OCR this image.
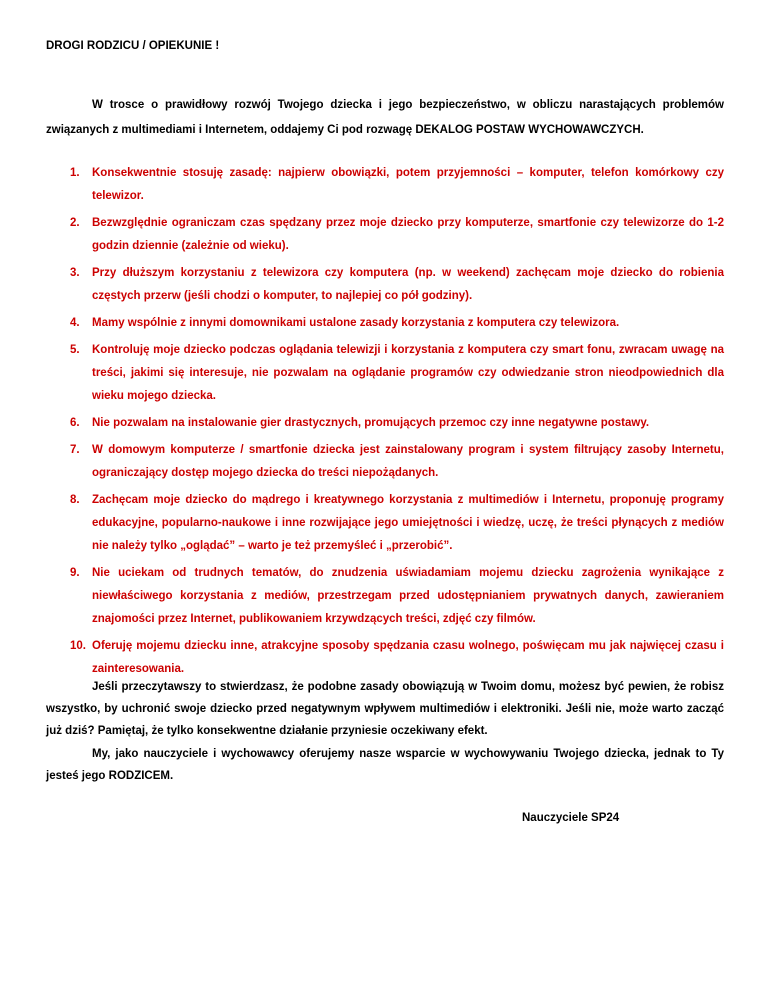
DROGI RODZICU / OPIEKUNIE !
W trosce o prawidłowy rozwój Twojego dziecka i jego bezpieczeństwo, w obliczu narastających problemów związanych z multimediami i Internetem, oddajemy Ci pod rozwagę DEKALOG POSTAW WYCHOWAWCZYCH.
1.	Konsekwentnie stosuję zasadę: najpierw obowiązki, potem przyjemności – komputer, telefon komórkowy czy telewizor.
2.	Bezwzględnie ograniczam czas spędzany przez moje dziecko przy komputerze, smartfonie czy telewizorze do 1-2 godzin dziennie (zależnie od wieku).
3.	Przy dłuższym korzystaniu z telewizora czy komputera (np. w weekend) zachęcam moje dziecko do robienia częstych przerw (jeśli chodzi o komputer, to najlepiej co pół godziny).
4.	Mamy wspólnie z innymi domownikami ustalone zasady korzystania z komputera czy telewizora.
5.	Kontroluję moje dziecko podczas oglądania telewizji i korzystania z komputera czy smart fonu, zwracam uwagę na treści, jakimi się interesuje, nie pozwalam na oglądanie programów czy odwiedzanie stron nieodpowiednich dla wieku mojego dziecka.
6.	Nie pozwalam na instalowanie gier drastycznych, promujących przemoc czy inne negatywne postawy.
7.	W domowym komputerze / smartfonie dziecka jest zainstalowany program i system filtrujący zasoby Internetu, ograniczający dostęp mojego dziecka do treści niepożądanych.
8.	Zachęcam moje dziecko do mądrego i kreatywnego korzystania z multimediów i Internetu, proponuję programy edukacyjne, popularno-naukowe i inne rozwijające jego umiejętności i wiedzę, uczę, że treści płynących z mediów nie należy tylko „oglądać” – warto je też przemyśleć i „przerobić”.
9.	Nie uciekam od trudnych tematów, do znudzenia uświadamiam mojemu dziecku zagrożenia wynikające z niewłaściwego korzystania z mediów, przestrzegam przed udostępnianiem prywatnych danych, zawieraniem znajomości przez Internet, publikowaniem krzywdzących treści, zdjęć czy filmów.
10. Oferuję mojemu dziecku inne, atrakcyjne sposoby spędzania czasu wolnego, poświęcam mu jak najwięcej czasu i zainteresowania.

Jeśli przeczytawszy to stwierdzasz, że podobne zasady obowiązują w Twoim domu, możesz być pewien, że robisz wszystko, by uchronić swoje dziecko przed negatywnym wpływem multimediów i elektroniki. Jeśli nie, może warto zacząć już dziś? Pamiętaj, że tylko konsekwentne działanie przyniesie oczekiwany efekt.

My, jako nauczyciele i wychowawcy oferujemy nasze wsparcie w wychowywaniu Twojego dziecka, jednak to Ty jesteś jego RODZICEM.

Nauczyciele SP24
